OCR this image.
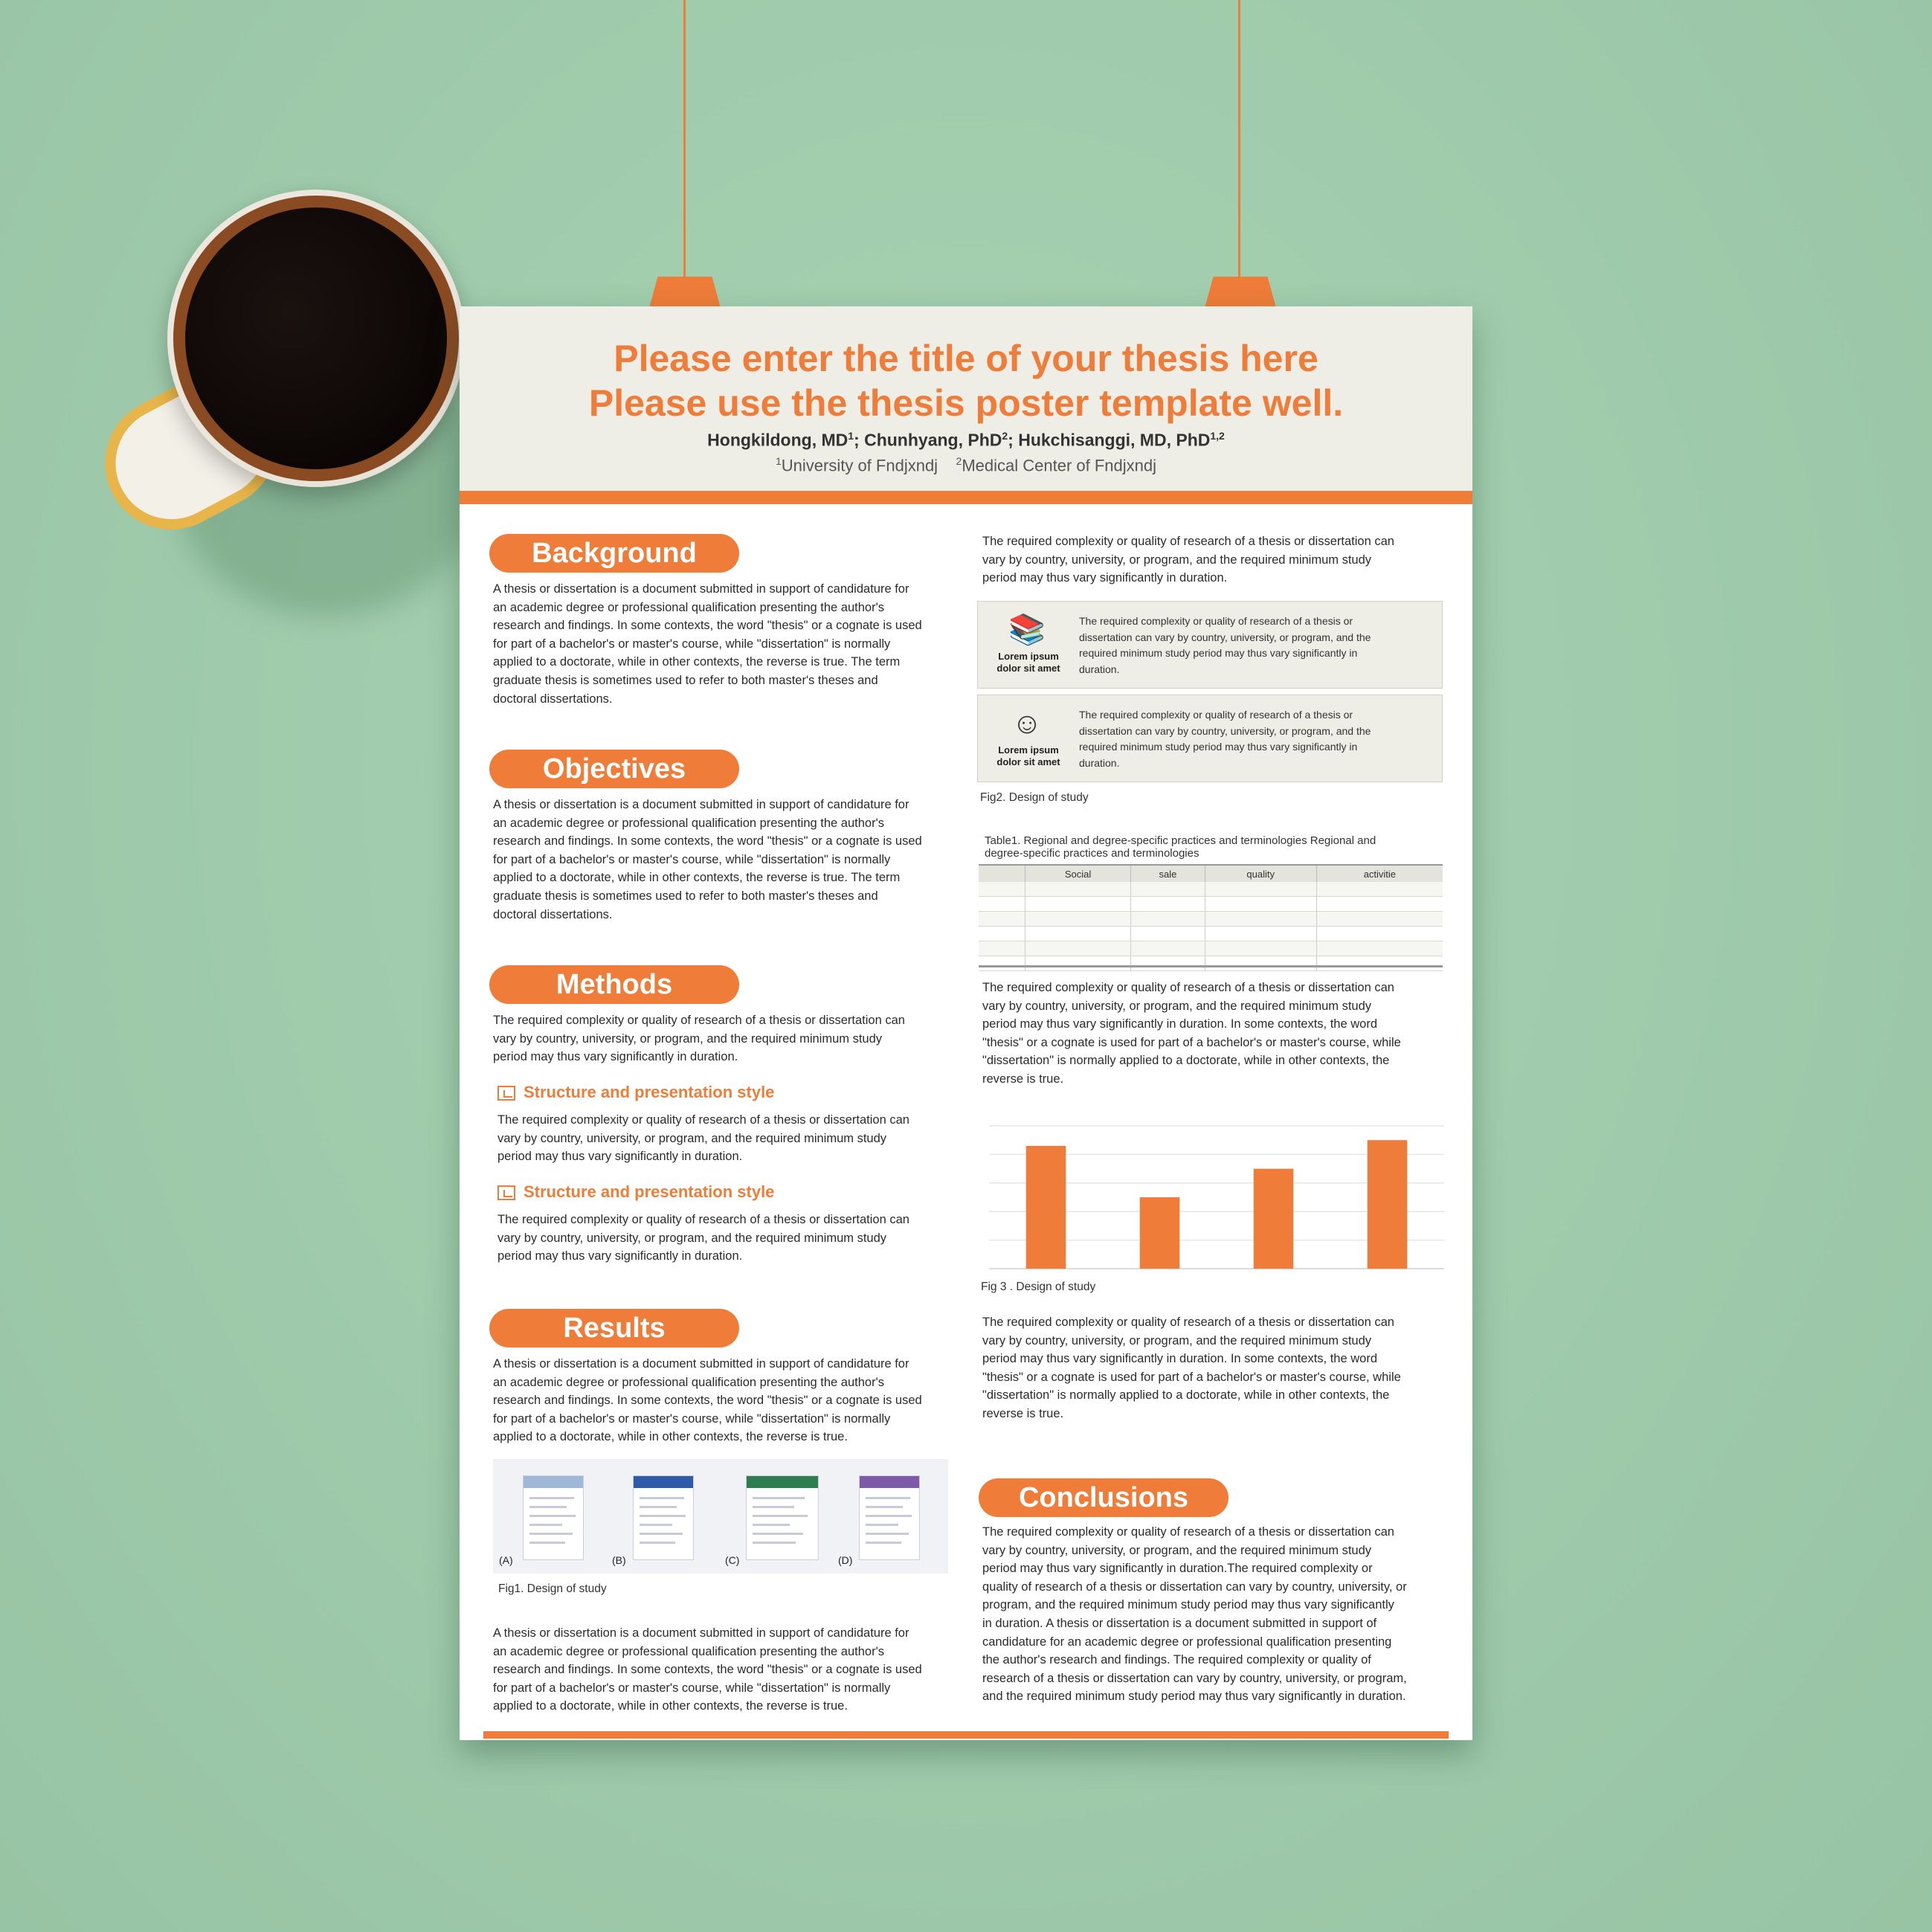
Please enter the title of your thesis here
Please use the thesis poster template well.
Hongkildong, $MD^1$; Chunhyang, PhD$^2$; Hukchisanggi, MD, PhD$^{1,2}$
$^1$University of Fndjxndj $^2$Medical Center of Fndjxndj
Background
A thesis or dissertation is a document submitted in support of candidature for
an academic degree or professional qualification presenting the author's
research and findings. In some contexts, the word "thesis" or a cognate is used
for part of a bachelor's or master's course, while "dissertation" is normally
applied to a doctorate, while in other contexts, the reverse is true. The term
graduate thesis is sometimes used to refer to both master's theses and
doctoral dissertations.
Objectives
A thesis or dissertation is a document submitted in support of candidature for
an academic degree or professional qualification presenting the author's
research and findings. In some contexts, the word "thesis" or a cognate is used
for part of a bachelor's or master's course, while "dissertation" is normally
applied to a doctorate, while in other contexts, the reverse is true. The term
graduate thesis is sometimes used to refer to both master's theses and
doctoral dissertations.
Methods
The required complexity or quality of research of a thesis or dissertation can
vary by country, university, or program, and the required minimum study
period may thus vary significantly in duration.
Structure and presentation style
The required complexity or quality of research of a thesis or dissertation can
vary by country, university, or program, and the required minimum study
period may thus vary significantly in duration.
Structure and presentation style
The required complexity or quality of research of a thesis or dissertation can
vary by country, university, or program, and the required minimum study
period may thus vary significantly in duration.
Results
A thesis or dissertation is a document submitted in support of candidature for
an academic degree or professional qualification presenting the author's
research and findings. In some contexts, the word "thesis" or a cognate is used
for part of a bachelor's or master's course, while "dissertation" is normally
applied to a doctorate, while in other contexts, the reverse is true.
(A)	(B)	(C)	(D)
Fig1. Design of study
A thesis or dissertation is a document submitted in support of candidature for
an academic degree or professional qualification presenting the author's
research and findings. In some contexts, the word "thesis" or a cognate is used
for part of a bachelor's or master's course, while "dissertation" is normally
applied to a doctorate, while in other contexts, the reverse is true.
The required complexity or quality of research of a thesis or dissertation can
vary by country, university, or program, and the required minimum study
period may thus vary significantly in duration.
📚
Lorem ipsum
dolor sit amet
The required complexity or quality of research of a thesis or
dissertation can vary by country, university, or program, and the
required minimum study period may thus vary significantly in
duration.
☺
Lorem ipsum
dolor sit amet
The required complexity or quality of research of a thesis or
dissertation can vary by country, university, or program, and the
required minimum study period may thus vary significantly in
duration.
Fig2. Design of study
Table1. Regional and degree-specific practices and terminologies Regional and
degree-specific practices and terminologies
	Social	sale	quality	activitie

The required complexity or quality of research of a thesis or dissertation can
vary by country, university, or program, and the required minimum study
period may thus vary significantly in duration. In some contexts, the word
"thesis" or a cognate is used for part of a bachelor's or master's course, while
"dissertation" is normally applied to a doctorate, while in other contexts, the
reverse is true.
Fig 3 . Design of study
The required complexity or quality of research of a thesis or dissertation can
vary by country, university, or program, and the required minimum study
period may thus vary significantly in duration. In some contexts, the word
"thesis" or a cognate is used for part of a bachelor's or master's course, while
"dissertation" is normally applied to a doctorate, while in other contexts, the
reverse is true.
Conclusions
The required complexity or quality of research of a thesis or dissertation can
vary by country, university, or program, and the required minimum study
period may thus vary significantly in duration.The required complexity or
quality of research of a thesis or dissertation can vary by country, university, or
program, and the required minimum study period may thus vary significantly
in duration. A thesis or dissertation is a document submitted in support of
candidature for an academic degree or professional qualification presenting
the author's research and findings. The required complexity or quality of
research of a thesis or dissertation can vary by country, university, or program,
and the required minimum study period may thus vary significantly in duration.
